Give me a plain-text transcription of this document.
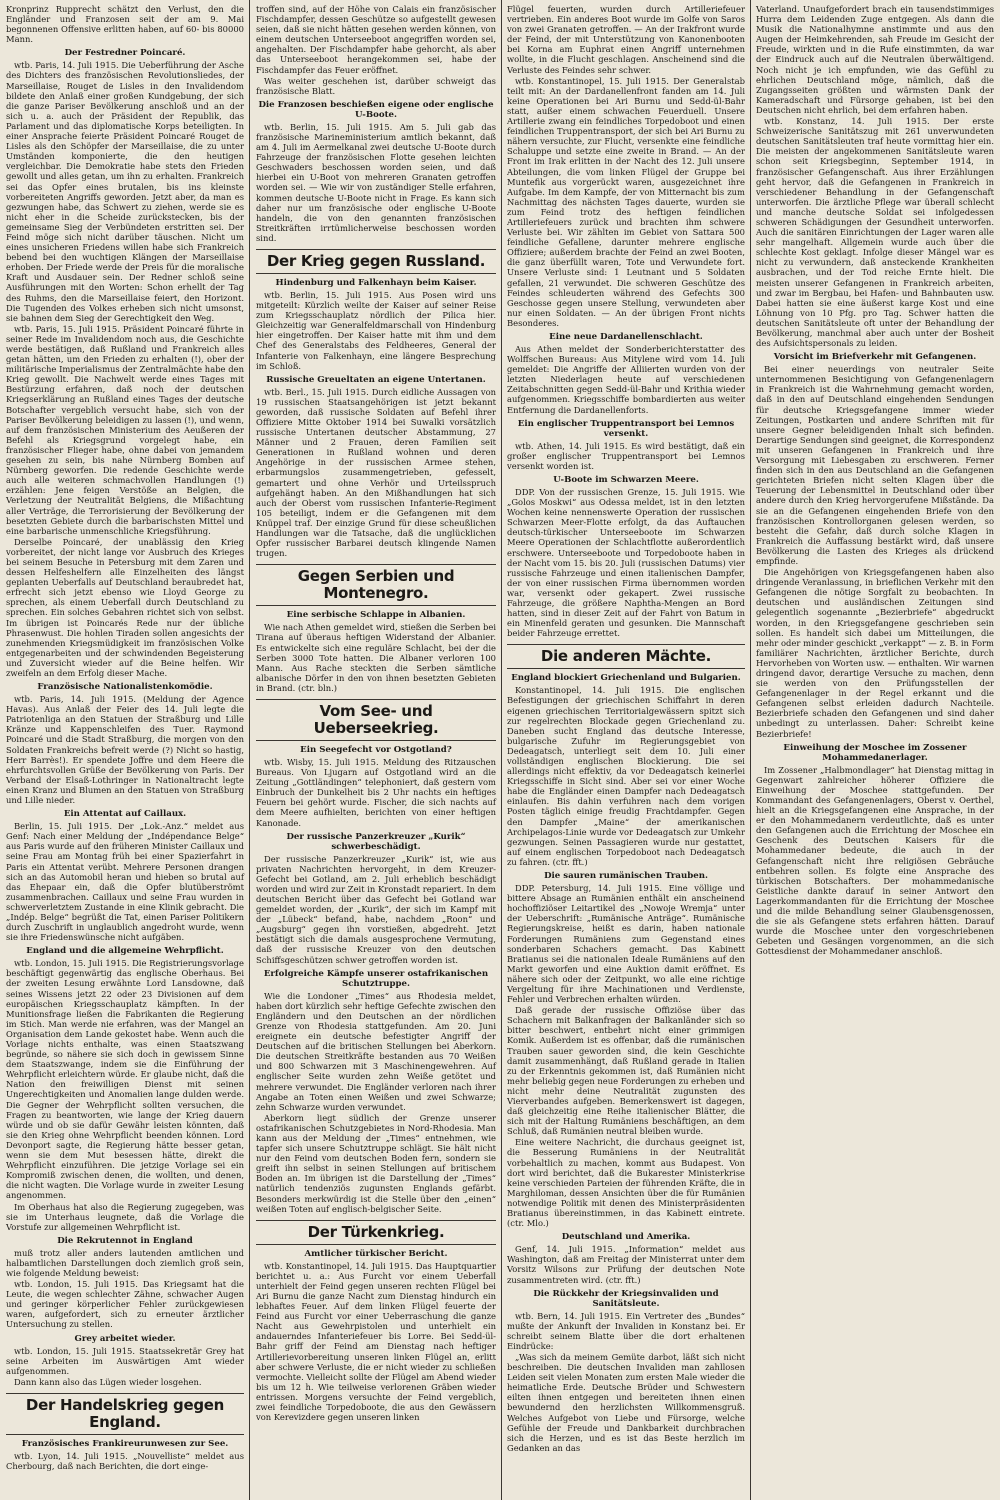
Kronprinz Rupprecht schätzt den Verlust, den die Engländer und Franzosen seit der am 9. Mai begonnenen Offensive erlitten haben, auf 60- bis 80000 Mann.

Der Festredner Poincaré.

wtb. Paris, 14. Juli 1915. Die Ueberführung der Asche des Dichters des französischen Revolutionsliedes, der Marseillaise, Rouget de Lisles in den Invalidendom bildete den Anlaß einer großen Kundgebung, der sich die ganze Pariser Bevölkerung anschloß und an der sich u. a. auch der Präsident der Republik, das Parlament und das diplomatische Korps beteiligten. In einer Ansprache feierte Präsident Poincaré Rouget de Lisles als den Schöpfer der Marseillaise, die zu unter Umständen komponierte, die den heutigen vergleichbar. Die Demokratie habe stets den Frieden gewollt und alles getan, um ihn zu erhalten. Frankreich sei das Opfer eines brutalen, bis ins kleinste vorbereiteten Angriffs geworden. Jetzt aber, da man es gezwungen habe, das Schwert zu ziehen, werde sie es nicht eher in die Scheide zurückstecken, bis der gemeinsame Sieg der Verbündeten erstritten sei. Der Feind möge sich nicht darüber täuschen. Nicht um eines unsicheren Friedens willen habe sich Frankreich bebend bei den wuchtigen Klängen der Marseillaise erhoben. Der Friede werde der Preis für die moralische Kraft und Ausdauer sein. Der Redner schloß seine Ausführungen mit den Worten: Schon erhellt der Tag des Ruhms, den die Marseillaise feiert, den Horizont. Die Tugenden des Volkes erheben sich nicht umsonst, sie bahnen dem Sieg der Gerechtigkeit den Weg.

wtb. Paris, 15. Juli 1915. Präsident Poincaré führte in seiner Rede im Invalidendom noch aus, die Geschichte werde bestätigen, daß Rußland und Frankreich alles getan hätten, um den Frieden zu erhalten (!), ober der militärische Imperialismus der Zentralmächte habe den Krieg gewollt. Die Nachwelt werde eines Tages mit Bestürzung erfahren, daß noch der deutschen Kriegserklärung an Rußland eines Tages der deutsche Botschafter vergeblich versucht habe, sich von der Pariser Bevölkerung beleidigen zu lassen (!), und wenn, auf dem französischen Ministerium des Aeußeren der Befehl als Kriegsgrund vorgelegt habe, ein französischer Flieger habe, ohne dabei von jemandem gesehen zu sein, bis nahe Nürnberg Bomben auf Nürnberg geworfen. Die redende Geschichte werde auch alle weiteren schmachvollen Handlungen (!) erzählen: Jene feigen Verstöße an Belgien, die Verletzung der Neutralität Belgiens, die Mißachtung aller Verträge, die Terrorisierung der Bevölkerung der besetzten Gebiete durch die barbarischsten Mittel und eine barbarische unmenschliche Kriegsführung.

Derselbe Poincaré, der unablässig den Krieg vorbereitet, der nicht lange vor Ausbruch des Krieges bei seinem Besuche in Petersburg mit dem Zaren und dessen Helfeshelfern alle Einzelheiten des längst geplanten Ueberfalls auf Deutschland beraubredet hat, erfrecht sich jetzt ebenso wie Lloyd George zu sprechen, als einem Ueberfall durch Deutschland zu sprechen. Ein solches Gebahren richtet sich von selbst. Im übrigen ist Poincarés Rede nur der übliche Phrasenwust. Die hohlen Tiraden sollen angesichts der zunehmenden Kriegsmüdigkeit im französischen Volke entgegenarbeiten und der schwindenden Begeisterung und Zuversicht wieder auf die Beine helfen. Wir zweifeln an dem Erfolg dieser Mache.

Französische Nationalistenkomödie.

wtb. Paris, 14. Juli 1915. (Meldung der Agence Havas). Aus Anlaß der Feier des 14. Juli legte die Patriotenliga an den Statuen der Straßburg und Lille Kränze und Kappenschleifen des Tuer. Raymond Poincaré und die Stadt Straßburg, die morgen von den Soldaten Frankreichs befreit werde (?) Nicht so hastig, Herr Barrès!). Er spendete Joffre und dem Heere die ehrfurchtsvollen Grüße der Bevölkerung von Paris. Der Verband der Elsaß-Lothringer in Nationaltracht legte einen Kranz und Blumen an den Statuen von Straßburg und Lille nieder.

Ein Attentat auf Caillaux.

Berlin, 15. Juli 1915. Der „Lok.-Anz.“ meldet aus Genf: Nach einer Meldung der „Indépendance Belge“ aus Paris wurde auf den früheren Minister Caillaux und seine Frau am Montag früh bei einer Spazierfahrt in Paris ein Attentat verübt. Mehrere Personen drangen sich an das Automobil heran und hieben so brutal auf das Ehepaar ein, daß die Opfer blutüberströmt zusammenbrachen. Caillaux und seine Frau wurden in schwerverletztem Zustande in eine Klinik gebracht. Die „Indép. Belge“ begrüßt die Tat, einen Pariser Politikern durch Zuschrift in unglaublich angedroht wurde, wenn sie ihre Friedenswünsche nicht aufgäben.

England und die allgemeine Wehrpflicht.

wtb. London, 15. Juli 1915. Die Registrierungsvorlage beschäftigt gegenwärtig das englische Oberhaus. Bei der zweiten Lesung erwähnte Lord Lansdowne, daß seines Wissens jetzt 22 oder 23 Divisionen auf dem europäischen Kriegsschauplatz kämpften. In der Munitionsfrage ließen die Fabrikanten die Regierung im Stich. Man werde nie erfahren, was der Mangel an Organisation dem Lande gekostet habe. Wenn auch die Vorlage nichts enthalte, was einen Staatszwang begründe, so nähere sie sich doch in gewissem Sinne dem Staatszwange, indem sie die Einführung der Wehrpflicht erleichtern würde. Er glaube nicht, daß die Nation den freiwilligen Dienst mit seinen Ungerechtigkeiten und Anomalien lange dulden werde. Die Gegner der Wehrpflicht sollten versuchen, die Fragen zu beantworten, wie lange der Krieg dauern würde und ob sie dafür Gewähr leisten könnten, daß sie den Krieg ohne Wehrpflicht beenden können. Lord Devonport sagte, die Regierung hätte besser getan, wenn sie dem Mut besessen hätte, direkt die Wehrpflicht einzuführen. Die jetzige Vorlage sei ein Kompromiß zwischen denen, die wollten, und denen, die nicht wagten. Die Vorlage wurde in zweiter Lesung angenommen.

Im Oberhaus hat also die Regierung zugegeben, was sie im Unterhaus leugnete, daß die Vorlage die Vorstufe zur allgemeinen Wehrpflicht ist.

Die Rekrutennot in England

muß trotz aller anders lautenden amtlichen und halbamtlichen Darstellungen doch ziemlich groß sein, wie folgende Meldung beweist:

wtb. London, 15. Juli 1915. Das Kriegsamt hat die Leute, die wegen schlechter Zähne, schwacher Augen und geringer körperlicher Fehler zurückgewiesen waren, aufgefordert, sich zu erneuter ärztlicher Untersuchung zu stellen.

Grey arbeitet wieder.

wtb. London, 15. Juli 1915. Staatssekretär Grey hat seine Arbeiten im Auswärtigen Amt wieder aufgenommen.

Dann kann also das Lügen wieder losgehen.

Der Handelskrieg gegen England.
Französisches Frankireurunwesen zur See.

wtb. Lyon, 14. Juli 1915. „Nouvelliste“ meldet aus Cherbourg, daß nach Berichten, die dort einge-

troffen sind, auf der Höhe von Calais ein französischer Fischdampfer, dessen Geschütze so aufgestellt gewesen seien, daß sie nicht hätten gesehen werden können, von einem deutschen Unterseeboot angegriffen worden sei, angehalten. Der Fischdampfer habe gehorcht, als aber das Unterseeboot herangekommen sei, habe der Fischdampfer das Feuer eröffnet.

Was weiter geschehen ist, darüber schweigt das französische Blatt.

Die Franzosen beschießen eigene oder englische U-Boote.

wtb. Berlin, 15. Juli 1915. Am 5. Juli gab das französische Marineministerium amtlich bekannt, daß am 4. Juli im Aermelkanal zwei deutsche U-Boote durch Fahrzeuge der französischen Flotte gesehen leichten Geschwaders beschossen worden seien, und daß hierbei ein U-Boot von mehreren Granaten getroffen worden sei. — Wie wir von zuständiger Stelle erfahren, kommen deutsche U-Boote nicht in Frage. Es kann sich daher nur um französische oder englische U-Boote handeln, die von den genannten französischen Streitkräften irrtümlicherweise beschossen worden sind.

Der Krieg gegen Russland.
Hindenburg und Falkenhayn beim Kaiser.

wtb. Berlin, 15. Juli 1915. Aus Posen wird uns mitgeteilt: Kürzlich weilte der Kaiser auf seiner Reise zum Kriegsschauplatz nördlich der Pilica hier. Gleichzeitig war Generalfeldmarschall von Hindenburg hier eingetroffen. Der Kaiser hatte mit ihm und dem Chef des Generalstabs des Feldheeres, General der Infanterie von Falkenhayn, eine längere Besprechung im Schloß.

Russische Greueltaten an eigene Untertanen.

wtb. Berl., 15. Juli 1915. Durch eidliche Aussagen von 19 russischen Staatsangehörigen ist jetzt bekannt geworden, daß russische Soldaten auf Befehl ihrer Offiziere Mitte Oktober 1914 bei Suwalki vorsätzlich russische Untertanen deutscher Abstammung, 27 Männer und 2 Frauen, deren Familien seit Generationen in Rußland wohnen und deren Angehörige in der russischen Armee stehen, erbarmungslos zusammengetrieben, gefesselt, gemartert und ohne Verhör und Urteilsspruch aufgehängt haben. An den Mißhandlungen hat sich auch der Oberst vom russischen Infanterie-Regiment 105 beteiligt, indem er die Gefangenen mit dem Knüppel traf. Der einzige Grund für diese scheußlichen Handlungen war die Tatsache, daß die unglücklichen Opfer russischer Barbarei deutsch klingende Namen trugen.

Gegen Serbien und Montenegro.
Eine serbische Schlappe in Albanien.

Wie nach Athen gemeldet wird, stießen die Serben bei Tirana auf überaus heftigen Widerstand der Albanier. Es entwickelte sich eine reguläre Schlacht, bei der die Serben 3000 Tote hatten. Die Albaner verloren 100 Mann. Aus Rache steckten die Serben sämtliche albanische Dörfer in den von ihnen besetzten Gebieten in Brand. (ctr. bln.)

Vom See- und Ueberseekrieg.
Ein Seegefecht vor Ostgotland?

wtb. Wisby, 15. Juli 1915. Meldung des Ritzauschen Bureaus. Von Ljugarn auf Ostgotland wird an die Zeitung „Gottländingen“ telephoniert, daß gestern vom Einbruch der Dunkelheit bis 2 Uhr nachts ein heftiges Feuern bei gehört wurde. Fischer, die sich nachts auf dem Meere aufhielten, berichten von einer heftigen Kanonade.

Der russische Panzerkreuzer „Kurik“ schwerbeschädigt.

Der russische Panzerkreuzer „Kurik“ ist, wie aus privaten Nachrichten hervorgeht, in dem Kreuzer-Gefecht bei Gotland, am 2. Juli erheblich beschädigt worden und wird zur Zeit in Kronstadt repariert. In dem deutschen Bericht über das Gefecht bei Gotland war gemeldet worden, der „Kurik“, der sich im Kampf mit der „Lübeck“ befand, habe, nachdem „Roon“ und „Augsburg“ gegen ihn vorstießen, abgedreht. Jetzt bestätigt sich die damals ausgesprochene Vermutung, daß der russische Kreuzer von den deutschen Schiffsgeschützen schwer getroffen worden ist.

Erfolgreiche Kämpfe unserer ostafrikanischen Schutztruppe.

Wie die Londoner „Times“ aus Rhodesia meldet, haben dort kürzlich sehr heftige Gefechte zwischen den Engländern und den Deutschen an der nördlichen Grenze von Rhodesia stattgefunden. Am 20. Juni ereignete ein deutsche befestigter Angriff der Deutschen auf die britischen Stellungen bei Aberkorn. Die deutschen Streitkräfte bestanden aus 70 Weißen und 800 Schwarzen mit 3 Maschinengewehren. Auf englischer Seite wurden zehn Weiße getötet und mehrere verwundet. Die Engländer verloren nach ihrer Angabe an Toten einen Weißen und zwei Schwarze; zehn Schwarze wurden verwundet.

Aberkorn liegt südlich der Grenze unserer ostafrikanischen Schutzgebietes in Nord-Rhodesia. Man kann aus der Meldung der „Times“ entnehmen, wie tapfer sich unsere Schutztruppe schlägt. Sie hält nicht nur den Feind vom deutschen Boden fern, sondern sie greift ihn selbst in seinen Stellungen auf britischem Boden an. Im übrigen ist die Darstellung der „Times“ natürlich tendenziös zugunsten Englands gefärbt. Besonders merkwürdig ist die Stelle über den „einen“ weißen Toten auf englisch-belgischer Seite.

Der Türkenkrieg.
Amtlicher türkischer Bericht.

wtb. Konstantinopel, 14. Juli 1915. Das Hauptquartier berichtet u. a.: Aus Furcht vor einem Ueberfall unterhielt der Feind gegen unseren rechten Flügel bei Ari Burnu die ganze Nacht zum Dienstag hindurch ein lebhaftes Feuer. Auf dem linken Flügel feuerte der Feind aus Furcht vor einer Ueberraschung die ganze Nacht aus Gewehrpistolen und unterhielt ein andauerndes Infanteriefeuer bis Lorre. Bei Sedd-ül-Bahr griff der Feind am Dienstag nach heftiger Artillerievorbereitung unseren linken Flügel an, erlitt aber schwere Verluste, die er nicht wieder zu schließen vermochte. Vielleicht sollte der Flügel am Abend wieder bis um 12 h. Wie teilweise verlorenen Gräben wieder entrissen. Morgens versuchte der Feind vergeblich, zwei feindliche Torpedoboote, die aus den Gewässern von Kerevizdere gegen unseren linken

Flügel feuerten, wurden durch Artilleriefeuer vertrieben. Ein anderes Boot wurde im Golfe von Saros von zwei Granaten getroffen. — An der Irakfront wurde der Feind, der mit Unterstützung von Kanonenbooten bei Korna am Euphrat einen Angriff unternehmen wollte, in die Flucht geschlagen. Anscheinend sind die Verluste des Feindes sehr schwer.

wtb. Konstantinopel, 15. Juli 1915. Der Generalstab teilt mit: An der Dardanellenfront fanden am 14. Juli keine Operationen bei Ari Burnu und Sedd-ül-Bahr statt, außer einem schwachen Feuerduell. Unsere Artillerie zwang ein feindliches Torpedoboot und einen feindlichen Truppentransport, der sich bei Ari Burnu zu nähern versuchte, zur Flucht, versenkte eine feindliche Schaluppe und setzte eine zweite in Brand. — An der Front im Irak erlitten in der Nacht des 12. Juli unsere Abteilungen, die vom linken Flügel der Gruppe bei Muntefik aus vorgerückt waren, ausgezeichnet ihre Aufgabe. Im dem Kampfe, der von Mitternacht bis zum Nachmittag des nächsten Tages dauerte, wurden sie zum Feind trotz des heftigen feindlichen Artilleriefeuers zurück und brachten ihm schwere Verluste bei. Wir zählten im Gebiet von Sattara 500 feindliche Gefallene, darunter mehrere englische Offiziere; außerdem brachte der Feind an zwei Booten, die ganz überfüllt waren, Tote und Verwundete fort. Unsere Verluste sind: 1 Leutnant und 5 Soldaten gefallen, 21 verwundet. Die schweren Geschütze des Feindes schleuderten während des Gefechts 300 Geschosse gegen unsere Stellung, verwundeten aber nur einen Soldaten. — An der übrigen Front nichts Besonderes.

Eine neue Dardanellenschlacht.

Aus Athen meldet der Sonderberichterstatter des Wolffschen Bureaus: Aus Mitylene wird vom 14. Juli gemeldet: Die Angriffe der Alliierten wurden von der letzten Niederlagen heute auf verschiedenen Zeitabschnitten gegen Sedd-ül-Bahr und Krithia wieder aufgenommen. Kriegsschiffe bombardierten aus weiter Entfernung die Dardanellenforts.

Ein englischer Truppentransport bei Lemnos versenkt.

wtb. Athen, 14. Juli 1915. Es wird bestätigt, daß ein großer englischer Truppentransport bei Lemnos versenkt worden ist.

U-Boote im Schwarzen Meere.

DDP. Von der russischen Grenze, 15. Juli 1915. Wie „Golos Moskwi“ aus Odessa meldet, ist in den letzten Wochen keine nennenswerte Operation der russischen Schwarzen Meer-Flotte erfolgt, da das Auftauchen deutsch-türkischer Unterseeboote im Schwarzen Meere Operationen der Schlachtflotte außerordentlich erschwere. Unterseeboote und Torpedoboote haben in der Nacht vom 15. bis 20. Juli (russischen Datums) vier russische Fahrzeuge und einen italienischen Dampfer, der von einer russischen Firma übernommen worden war, versenkt oder gekapert. Zwei russische Fahrzeuge, die größere Naphtha-Mengen an Bord hatten, sind in dieser Zeit auf der Fahrt von Batum in ein Minenfeld geraten und gesunken. Die Mannschaft beider Fahrzeuge errettet.

Die anderen Mächte.
England blockiert Griechenland und Bulgarien.

Konstantinopel, 14. Juli 1915. Die englischen Befestigungen der griechischen Schiffahrt in deren eigenen griechischen Territorialgewässern spitzt sich zur regelrechten Blockade gegen Griechenland zu. Daneben sucht England das deutsche Interesse, bulgarische Zufuhr im Regierungsgebiet von Dedeagatsch, unterliegt seit dem 10. Juli einer vollständigen englischen Blockierung. Die sei allerdings nicht effektiv, da vor Dedeagatsch keinerlei Kriegsschiffe in Sicht sind. Aber sei vor einer Woche habe die Engländer einen Dampfer nach Dedeagatsch einlaufen. Bis dahin verfuhren nach dem vorigen Posten täglich einige freudig Frachtdampfer. Gegen den Dampfer „Maine“ der amerikanischen Archipelagos-Linie wurde vor Dedeagatsch zur Umkehr gezwungen. Seinen Passagieren wurde nur gestattet, auf einem englischen Torpedoboot nach Dedeagatsch zu fahren. (ctr. fft.)

Die sauren rumänischen Trauben.

DDP. Petersburg, 14. Juli 1915. Eine völlige und bittere Absage an Rumänien enthält ein anscheinend hochoffiziöser Leitartikel des „Nowoje Wremja“ unter der Ueberschrift: „Rumänische Anträge“. Rumänische Regierungskreise, heißt es darin, haben nationale Forderungen Rumäniens zum Gegenstand eines sonderbaren Schachers gemacht. Das Kabinett Bratianus sei die nationalen Ideale Rumäniens auf den Markt geworfen und eine Auktion damit eröffnet. Es nähere sich oder der Zeitpunkt, wo alle eine richtige Vergeltung für ihre Machinationen und Verdienste, Fehler und Verbrechen erhalten würden.

Daß gerade der russische Offiziöse über das Schachern mit Balkanfragen der Balkanländer sich so bitter beschwert, entbehrt nicht einer grimmigen Komik. Außerdem ist es offenbar, daß die rumänischen Trauben sauer geworden sind, die kein Geschichte damit zusammenhängt, daß Rußland gerade in Italien zu der Erkenntnis gekommen ist, daß Rumänien nicht mehr beliebig gegen neue Forderungen zu erheben und nicht mehr deine Neutralität zugunsten des Vierverbandes aufgeben. Bemerkenswert ist dagegen, daß gleichzeitig eine Reihe italienischer Blätter, die sich mit der Haltung Rumäniens beschäftigen, an dem Schluß, daß Rumänien neutral bleiben wurde.

Eine weitere Nachricht, die durchaus geeignet ist, die Besserung Rumäniens in der Neutralität vorbehaltlich zu machen, kommt aus Budapest. Von dort wird berichtet, daß die Bukarester Ministerkrise keine verschieden Parteien der führenden Kräfte, die in Marghiloman, dessen Ansichten über die für Rumänien notwendige Politik mit denen des Ministerpräsidenten Bratianus übereinstimmen, in das Kabinett eintrete. (ctr. Mlo.)

Deutschland und Amerika.

Genf, 14. Juli 1915. „Information“ meldet aus Washington, daß am Freitag der Ministerrat unter dem Vorsitz Wilsons zur Prüfung der deutschen Note zusammentreten wird. (ctr. fft.)

Die Rückkehr der Kriegsinvaliden und Sanitätsleute.

wtb. Bern, 14. Juli 1915. Ein Vertreter des „Bundes“ mußte der Ankunft der Invaliden in Konstanz bei. Er schreibt seinem Blatte über die dort erhaltenen Eindrücke:

„Was sich da meinem Gemüte darbot, läßt sich nicht beschreiben. Die deutschen Invaliden man zahllosen Leiden seit vielen Monaten zum ersten Male wieder die heimatliche Erde. Deutsche Brüder und Schwestern eilten ihnen entgegen und bereiteten ihnen einen bewundernd den herzlichsten Willkommensgruß. Welches Aufgebot von Liebe und Fürsorge, welche Gefühle der Freude und Dankbarkeit durchbrachen sich die Herzen, und es ist das Beste herzlich im Gedanken an das

Vaterland. Unaufgefordert brach ein tausendstimmiges Hurra dem Leidenden Zuge entgegen. Als dann die Musik die Nationalhymne anstimmte und aus den Augen der Heimkehrenden, sah Freude im Gesicht der Freude, wirkten und in die Rufe einstimmten, da war der Eindruck auch auf die Neutralen überwältigend. Noch nicht je ich empfunden, wie das Gefühl zu ehrlichen Deutschland möge, nämlich, daß die Zugangsseiten größten und wärmsten Dank der Kameradschaft und Fürsorge gehaben, ist bei den Deutschen nicht ehrlich, bei dem erfahren haben.

wtb. Konstanz, 14. Juli 1915. Der erste Schweizerische Sanitätszug mit 261 unverwundeten deutschen Sanitätsleuten traf heute vormittag hier ein. Die meisten der angekommenen Sanitätsleute waren schon seit Kriegsbeginn, September 1914, in französischer Gefangenschaft. Aus ihrer Erzählungen geht hervor, daß die Gefangenen in Frankreich in verschiedener Behandlung in der Gefangenschaft unterworfen. Die ärztliche Pflege war überall schlecht und manche deutsche Soldat sei infolgedessen schweren Schädigungen der Gesundheit unterworfen. Auch die sanitären Einrichtungen der Lager waren alle sehr mangelhaft. Allgemein wurde auch über die schlechte Kost geklagt. Infolge dieser Mängel war es nicht zu verwundern, daß ansteckende Krankheiten ausbrachen, und der Tod reiche Ernte hielt. Die meisten unserer Gefangenen in Frankreich arbeiten, und zwar im Bergbau, bei Hafen- und Bahnbauten usw. Dabei hatten sie eine äußerst karge Kost und eine Löhnung von 10 Pfg. pro Tag. Schwer hatten die deutschen Sanitätsleute oft unter der Behandlung der Bevölkerung, manchmal aber auch unter der Bosheit des Aufsichtspersonals zu leiden.

Vorsicht im Briefverkehr mit Gefangenen.

Bei einer neuerdings von neutraler Seite unternommenen Besichtigung von Gefangenenlagern in Frankreich ist die Wahrnehmung gemacht worden, daß in den auf Deutschland eingehenden Sendungen für deutsche Kriegsgefangene immer wieder Zeitungen, Postkarten und andere Schriften mit für unsere Gegner beleidigenden Inhalt sich befinden. Derartige Sendungen sind geeignet, die Korrespondenz mit unseren Gefangenen in Frankreich und ihre Versorgung mit Liebesgaben zu erschweren. Ferner finden sich in den aus Deutschland an die Gefangenen gerichteten Briefen nicht selten Klagen über die Teuerung der Lebensmittel in Deutschland oder über andere durch den Krieg hervorgerufene Mißstände. Da sie an die Gefangenen eingehenden Briefe von den französischen Kontrollorganen gelesen werden, so besteht die Gefahr, daß durch solche Klagen in Frankreich die Auffassung bestärkt wird, daß unsere Bevölkerung die Lasten des Krieges als drückend empfinde.

Die Angehörigen von Kriegsgefangenen haben also dringende Veranlassung, in brieflichen Verkehr mit den Gefangenen die nötige Sorgfalt zu beobachten. In deutschen und ausländischen Zeitungen sind gelegentlich sogenannte „Bezierbriefe“ abgedruckt worden, in den Kriegsgefangene geschrieben sein sollen. Es handelt sich dabei um Mitteilungen, die mehr oder minder geschickt „verkappt“ — z. B. in Form familiärer Nachrichten, ärztlicher Berichte, durch Hervorheben von Worten usw. — enthalten. Wir warnen dringend davor, derartige Versuche zu machen, denn sie werden von den Prüfungsstellen der Gefangenenlager in der Regel erkannt und die Gefangenen selbst erleiden dadurch Nachteile. Bezierbriefe schaden den Gefangenen und sind daher unbedingt zu unterlassen. Daher: Schreibt keine Bezierbriefe!

Einweihung der Moschee im Zossener Mohammedanerlager.

Im Zossener „Halbmondlager“ hat Dienstag mittag in Gegenwart zahlreicher höherer Offiziere die Einweihung der Moschee stattgefunden. Der Kommandant des Gefangenenlagers, Oberst v. Oerthel, hielt an die Kriegsgefangenen eine Ansprache, in der er den Mohammedanern verdeutlichte, daß es unter den Gefangenen auch die Errichtung der Moschee ein Geschenk des Deutschen Kaisers für die Mohammedaner bedeute, die auch in der Gefangenschaft nicht ihre religiösen Gebräuche entbehren sollen. Es folgte eine Ansprache des türkischen Botschafters. Der mohammedanische Geistliche dankte darauf in seiner Antwort den Lagerkommandanten für die Errichtung der Moschee und die milde Behandlung seiner Glaubensgenossen, die sie als Gefangene stets erfahren hätten. Darauf wurde die Moschee unter den vorgeschriebenen Gebeten und Gesängen vorgenommen, an die sich Gottesdienst der Mohammedaner anschloß.
